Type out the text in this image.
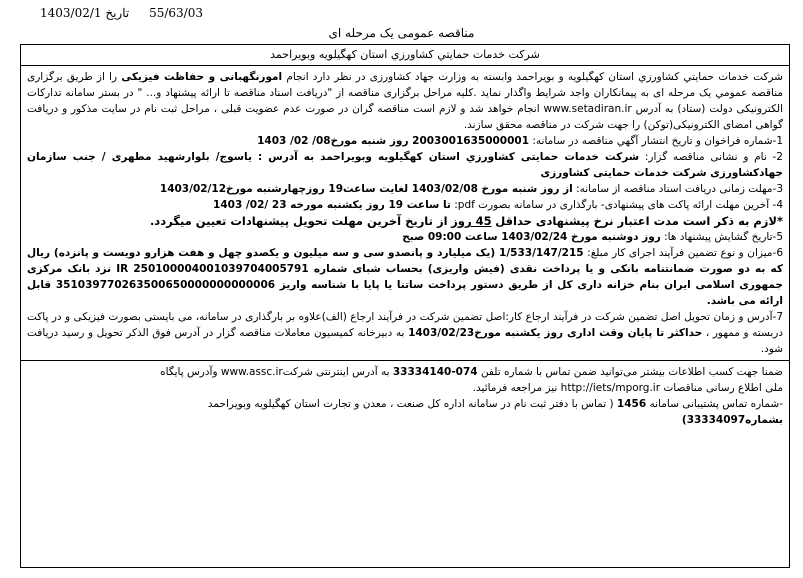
تاریخ 1403/02/1 55/63/03
مناقصه عمومی یک مرحله ای
شرکت خدمات حمايتي کشاورزي استان کهگيلويه وبويراحمد

شرکت خدمات حمايتي كشاورزي استان کهگیلویه و بویراحمد وابسته به وزارت جهاد کشاورزی در نظر دارد انجام امورنگهبانی و حفاظت فیزیکی را از طریق برگزاری مناقصه عمومي يک مرحله ای به پیمانکاران واجد شرایط واگذار نماید .کلیه مراحل برگزاری مناقصه از "دریافت اسناد مناقصه تا ارائه پیشنهاد و... " در بستر سامانه تدارکات الکترونیکی دولت (ستاد) به آدرس www.setadiran.ir انجام خواهد شد و لازم است مناقصه گران در صورت عدم عضویت قبلی ، مراحل ثبت نام در سایت مذکور و دریافت گواهی امضای الکترونیکی(توکن) را جهت شرکت در مناقصه محقق سازند.

1-شماره فراخوان و تاريخ انتشار آگهي مناقصه در سامانه: 2003001635000001 روز شنبه مورخ08/ 02/ 1403

2- نام و نشانی مناقصه گزار: شرکت خدمات حمايتی كشاورزي استان کهگیلویه وبویراحمد به آدرس : یاسوج/ بلوارشهید مطهری / جنب سازمان جهادکشاورزی شرکت خدمات حمایتی کشاورزی

3-مهلت زمانی دريافت اسناد مناقصه از سامانه: از روز شنبه مورخ 1403/02/08 لغایت ساعت19 روزچهارشنبه مورخ1403/02/12

4- آخرين مهلت ارائه پاکت های پيشنهادی- بارگذاری در سامانه بصورت pdf: تا ساعت 19 روز یکشنبه مورخه 23 /02/ 1403

*لازم به ذکر است مدت اعتبار نرخ پیشنهادی حداقل 45 روز از تاریخ آخرین مهلت تحویل پیشنهادات تعیین میگردد.

5-تاريخ گشايش پيشنهاد ها: روز دوشنبه مورخ 1403/02/24 ساعت 09:00 صبح

6-میزان و نوع تضمین فرآیند اجرای کار مبلغ: 1/533/147/215 (یک میلیارد و پانصدو سی و سه میلیون و یکصدو چهل و هفت هزارو دویست و پانزده) ریال که به دو صورت ضمانتنامه بانکی و یا پرداخت نقدی (فیش واریزی) بحساب شبای شماره IR 250100004001039704005791 نزد بانک مرکزی جمهوری اسلامی ایران بنام خزانه داری کل از طریق دستور پرداخت ساتنا یا پایا با شناسه واریز 351039770263500650000000000006 قابل ارائه می باشد.

7-آدرس و زمان تحویل اصل تضمین شرکت در فرآیند ارجاع کار:اصل تضمین شرکت در فرآیند ارجاع (الف)علاوه بر بارگذاری در سامانه، می بایستی بصورت فیزیکی و در پاکت دربسته و ممهور ، حداکثر تا پایان وقت اداری روز یکشنبه مورخ1403/02/23 به دبیرخانه کمیسیون معاملات مناقصه گزار در آدرس فوق الذکر تحویل و رسید دریافت شود.

ضمنا جهت کسب اطلاعات بيشتر می‌توانيد ضمن تماس با شماره تلفن 074-33334140 به آدرس اينترنتی شرکتwww.assc.ir وآدرس پايگاه

ملی اطلاع رسانی مناقصات http://iets/mporg.ir نيز مراجعه فرمائيد.

-شماره تماس پشتیبانی سامانه 1456 ( تماس با دفتر ثبت نام در سامانه اداره کل صنعت ، معدن و تجارت استان کهگیلویه وبویراحمد

بشماره33334097)
